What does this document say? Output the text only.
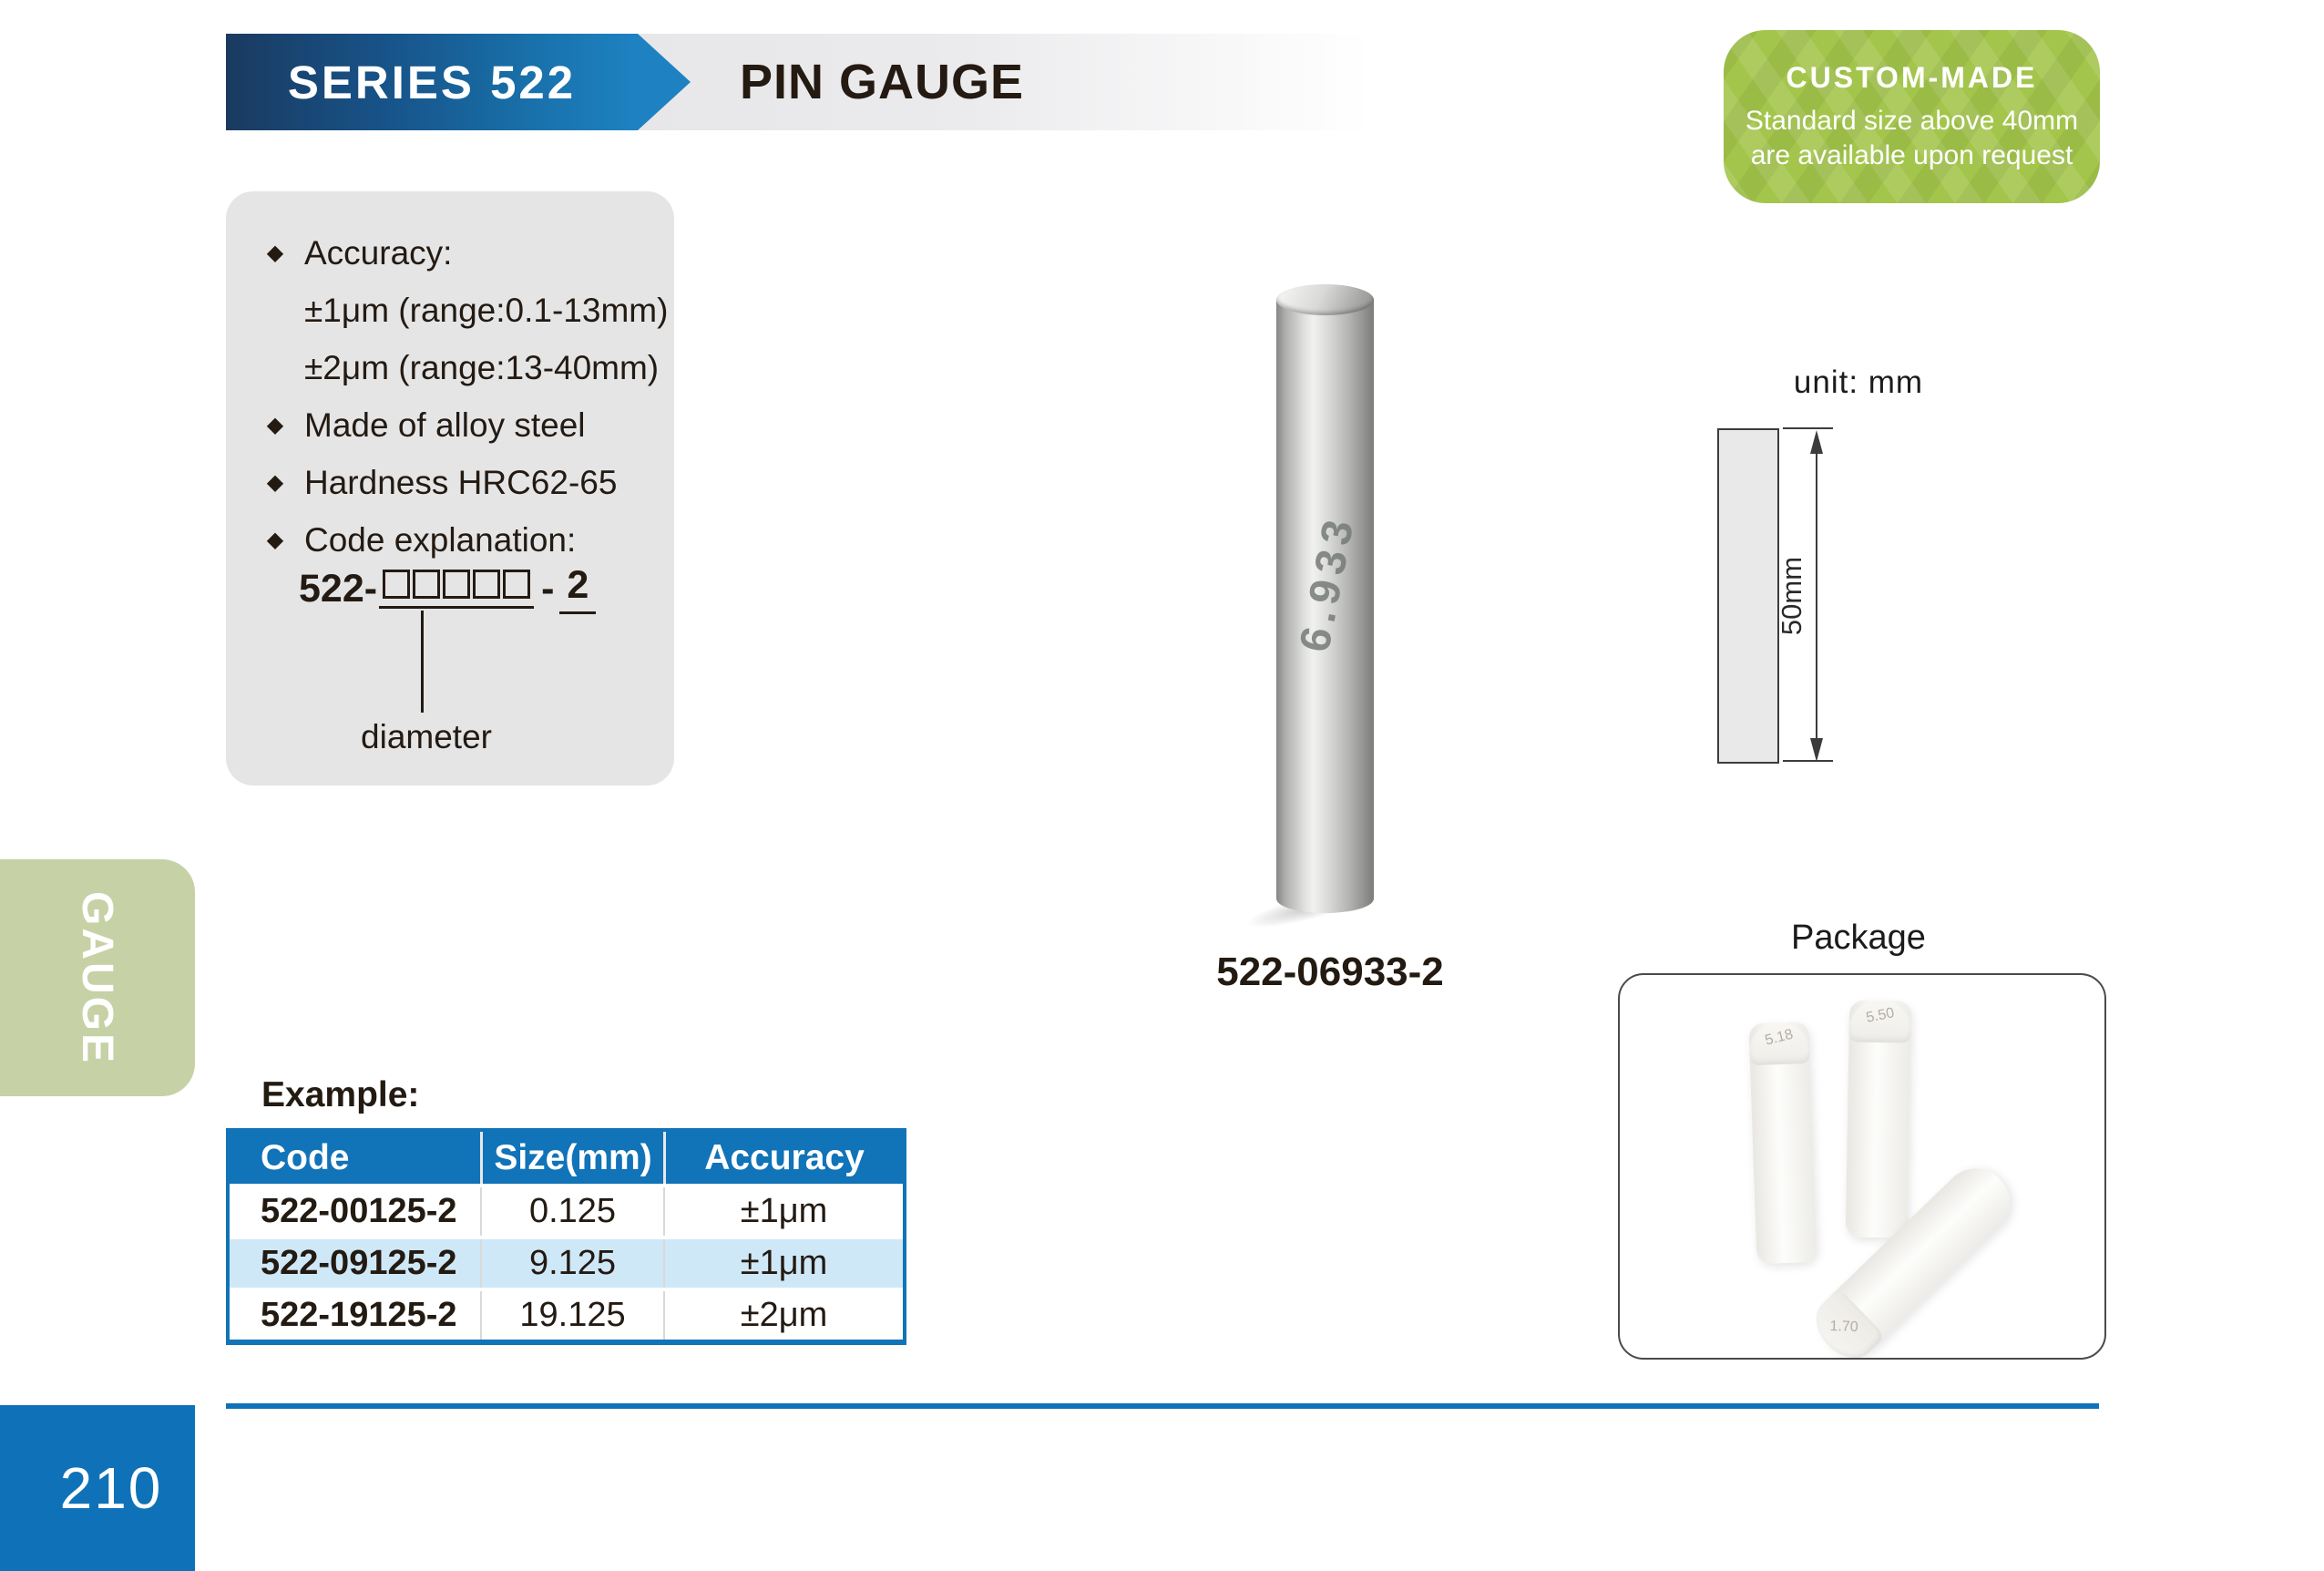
PIN GAUGE
SERIES 522	CUSTOM-MADE
Standard size above 40mm
are available upon request
◆ Accuracy:
±1μm (range:0.1-13mm)
±2μm (range:13-40mm)
◆ Made of alloy steel
◆ Hardness HRC62-65
◆ Code explanation:
522-	- 2
diameter
6.933
522-06933-2
unit: mm
50mm
Package
5.18
5.50
1.70
Example:
Code	Size(mm)	Accuracy
522-00125-2	0.125	±1μm
522-09125-2	9.125	±1μm
522-19125-2	19.125	±2μm
GAUGE
210
